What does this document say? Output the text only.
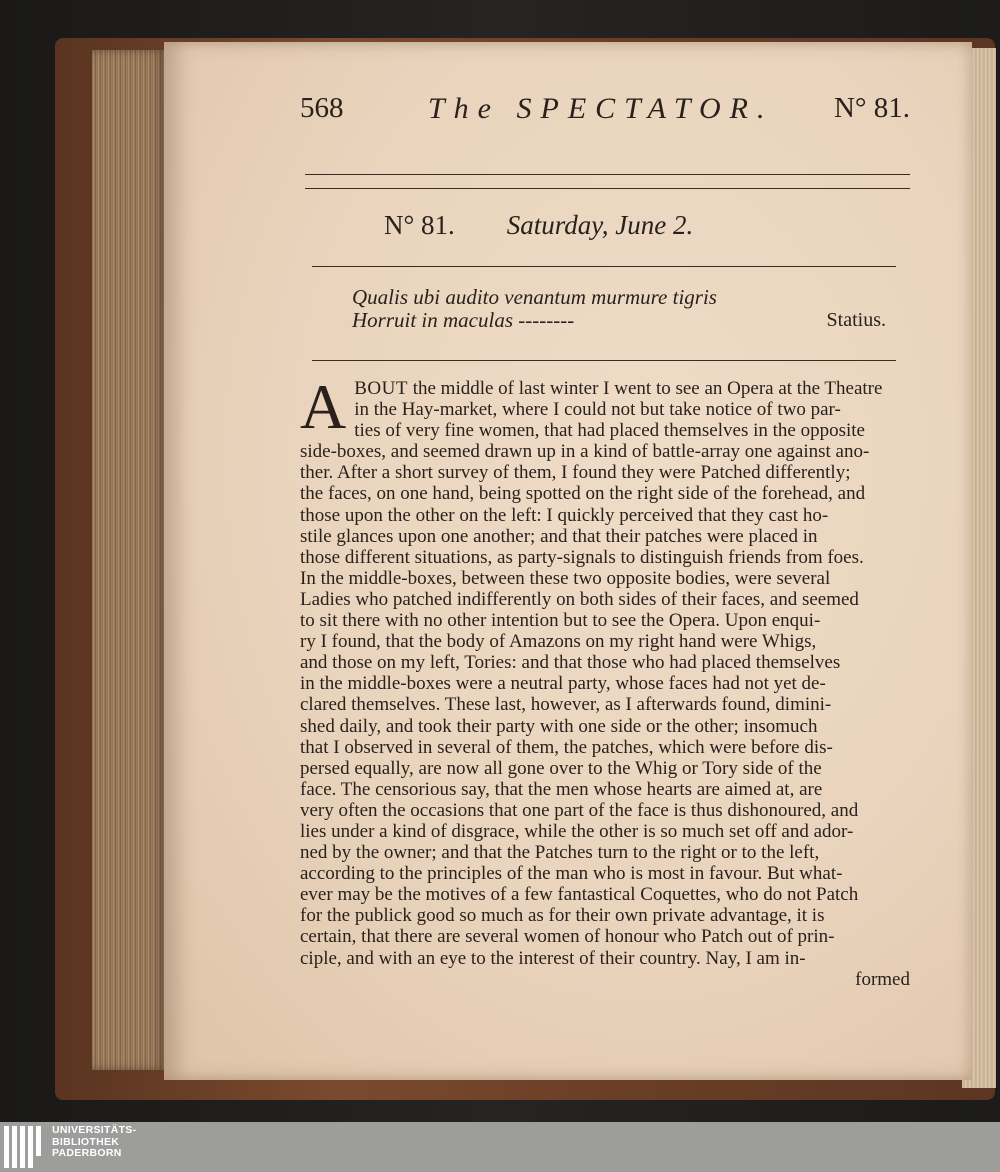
568	The SPECTATOR. N° 81.
N° 81. Saturday, June 2.
Qualis ubi audito venantum murmure tigris
Horruit in maculas --------	Statius.
A BOUT the middle of last winter I went to see an Opera at the Theatre
in the Hay-market, where I could not but take notice of two par-
ties of very fine women, that had placed themselves in the opposite
side-boxes, and seemed drawn up in a kind of battle-array one against ano-
ther. After a short survey of them, I found they were Patched differently;
the faces, on one hand, being spotted on the right side of the forehead, and
those upon the other on the left: I quickly perceived that they cast ho-
stile glances upon one another; and that their patches were placed in
those different situations, as party-signals to distinguish friends from foes.
In the middle-boxes, between these two opposite bodies, were several
Ladies who patched indifferently on both sides of their faces, and seemed
to sit there with no other intention but to see the Opera. Upon enqui-
ry I found, that the body of Amazons on my right hand were Whigs,
and those on my left, Tories: and that those who had placed themselves
in the middle-boxes were a neutral party, whose faces had not yet de-
clared themselves. These last, however, as I afterwards found, dimini-
shed daily, and took their party with one side or the other; insomuch
that I observed in several of them, the patches, which were before dis-
persed equally, are now all gone over to the Whig or Tory side of the
face. The censorious say, that the men whose hearts are aimed at, are
very often the occasions that one part of the face is thus dishonoured, and
lies under a kind of disgrace, while the other is so much set off and ador-
ned by the owner; and that the Patches turn to the right or to the left,
according to the principles of the man who is most in favour. But what-
ever may be the motives of a few fantastical Coquettes, who do not Patch
for the publick good so much as for their own private advantage, it is
certain, that there are several women of honour who Patch out of prin-
ciple, and with an eye to the interest of their country. Nay, I am in-
formed
UNIVERSITÄTS-
BIBLIOTHEK
PADERBORN
